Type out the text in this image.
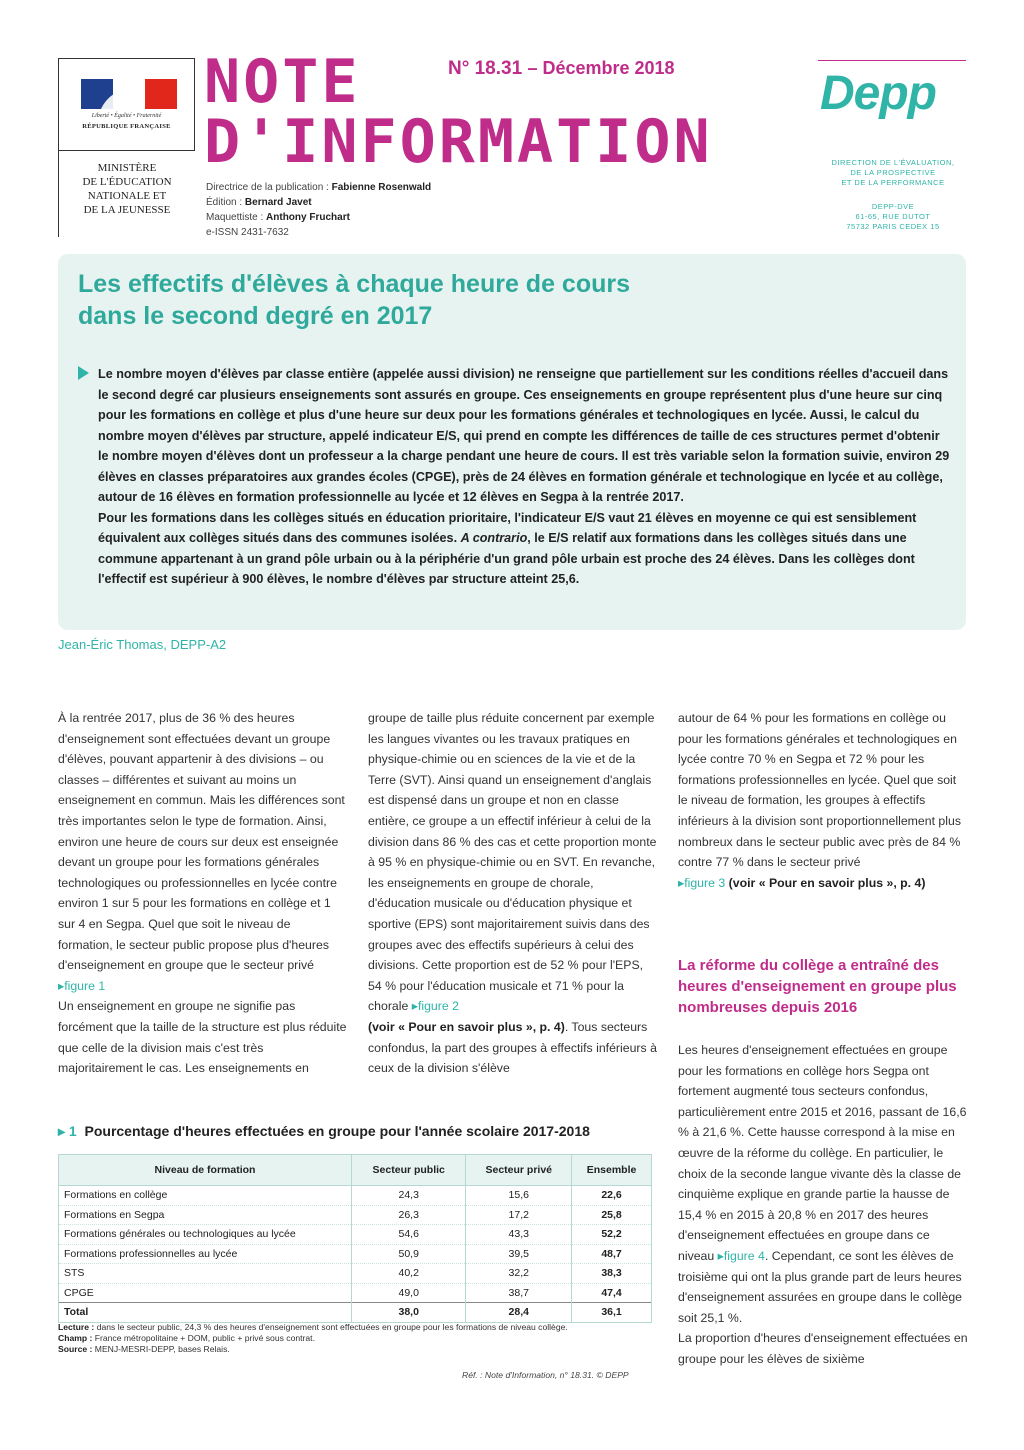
Liberté • Égalité • Fraternité
RÉPUBLIQUE FRANÇAISE
MINISTÈRE
DE L'ÉDUCATION
NATIONALE ET
DE LA JEUNESSE
NOTE
D'INFORMATION
N° 18.31 – Décembre 2018
Directrice de la publication : Fabienne Rosenwald
Édition : Bernard Javet
Maquettiste : Anthony Fruchart
e-ISSN 2431-7632
Depp
DIRECTION DE L'ÉVALUATION,
DE LA PROSPECTIVE
ET DE LA PERFORMANCE
DEPP-DVE
61-65, RUE DUTOT
75732 PARIS CEDEX 15
Les effectifs d'élèves à chaque heure de cours
dans le second degré en 2017
Le nombre moyen d'élèves par classe entière (appelée aussi division) ne renseigne que partiellement sur les conditions réelles d'accueil dans le second degré car plusieurs enseignements sont assurés en groupe. Ces enseignements en groupe représentent plus d'une heure sur cinq pour les formations en collège et plus d'une heure sur deux pour les formations générales et technologiques en lycée. Aussi, le calcul du nombre moyen d'élèves par structure, appelé indicateur E/S, qui prend en compte les différences de taille de ces structures permet d'obtenir le nombre moyen d'élèves dont un professeur a la charge pendant une heure de cours. Il est très variable selon la formation suivie, environ 29 élèves en classes préparatoires aux grandes écoles (CPGE), près de 24 élèves en formation générale et technologique en lycée et au collège, autour de 16 élèves en formation professionnelle au lycée et 12 élèves en Segpa à la rentrée 2017.
Pour les formations dans les collèges situés en éducation prioritaire, l'indicateur E/S vaut 21 élèves en moyenne ce qui est sensiblement équivalent aux collèges situés dans des communes isolées. A contrario, le E/S relatif aux formations dans les collèges situés dans une commune appartenant à un grand pôle urbain ou à la périphérie d'un grand pôle urbain est proche des 24 élèves. Dans les collèges dont l'effectif est supérieur à 900 élèves, le nombre d'élèves par structure atteint 25,6.
Jean-Éric Thomas, DEPP-A2
À la rentrée 2017, plus de 36 % des heures d'enseignement sont effectuées devant un groupe d'élèves, pouvant appartenir à des divisions – ou classes – différentes et suivant au moins un enseignement en commun. Mais les différences sont très importantes selon le type de formation. Ainsi, environ une heure de cours sur deux est enseignée devant un groupe pour les formations générales technologiques ou professionnelles en lycée contre environ 1 sur 5 pour les formations en collège et 1 sur 4 en Segpa. Quel que soit le niveau de formation, le secteur public propose plus d'heures d'enseignement en groupe que le secteur privé
▸ figure 1
Un enseignement en groupe ne signifie pas forcément que la taille de la structure est plus réduite que celle de la division mais c'est très majoritairement le cas. Les enseignements en
groupe de taille plus réduite concernent par exemple les langues vivantes ou les travaux pratiques en physique-chimie ou en sciences de la vie et de la Terre (SVT). Ainsi quand un enseignement d'anglais est dispensé dans un groupe et non en classe entière, ce groupe a un effectif inférieur à celui de la division dans 86 % des cas et cette proportion monte à 95 % en physique-chimie ou en SVT. En revanche, les enseignements en groupe de chorale, d'éducation musicale ou d'éducation physique et sportive (EPS) sont majoritairement suivis dans des groupes avec des effectifs supérieurs à celui des divisions. Cette proportion est de 52 % pour l'EPS, 54 % pour l'éducation musicale et 71 % pour la chorale ▸ figure 2
(voir « Pour en savoir plus », p. 4). Tous secteurs confondus, la part des groupes à effectifs inférieurs à ceux de la division s'élève
autour de 64 % pour les formations en collège ou pour les formations générales et technologiques en lycée contre 70 % en Segpa et 72 % pour les formations professionnelles en lycée. Quel que soit le niveau de formation, les groupes à effectifs inférieurs à la division sont proportionnellement plus nombreux dans le secteur public avec près de 84 % contre 77 % dans le secteur privé
▸ figure 3 (voir « Pour en savoir plus », p. 4)
La réforme du collège a entraîné des heures d'enseignement en groupe plus nombreuses depuis 2016
Les heures d'enseignement effectuées en groupe pour les formations en collège hors Segpa ont fortement augmenté tous secteurs confondus, particulièrement entre 2015 et 2016, passant de 16,6 % à 21,6 %. Cette hausse correspond à la mise en œuvre de la réforme du collège. En particulier, le choix de la seconde langue vivante dès la classe de cinquième explique en grande partie la hausse de 15,4 % en 2015 à 20,8 % en 2017 des heures d'enseignement effectuées en groupe dans ce niveau ▸ figure 4. Cependant, ce sont les élèves de troisième qui ont la plus grande part de leurs heures d'enseignement assurées en groupe dans le collège soit 25,1 %.
La proportion d'heures d'enseignement effectuées en groupe pour les élèves de sixième
▸ 1 Pourcentage d'heures effectuées en groupe pour l'année scolaire 2017-2018
Niveau de formation	Secteur public	Secteur privé	Ensemble
Formations en collège	24,3	15,6	22,6
Formations en Segpa	26,3	17,2	25,8
Formations générales ou technologiques au lycée	54,6	43,3	52,2
Formations professionnelles au lycée	50,9	39,5	48,7
STS	40,2	32,2	38,3
CPGE	49,0	38,7	47,4
Total	38,0	28,4	36,1
Lecture : dans le secteur public, 24,3 % des heures d'enseignement sont effectuées en groupe pour les formations de niveau collège.
Champ : France métropolitaine + DOM, public + privé sous contrat.
Source : MENJ-MESRI-DEPP, bases Relais.
Réf. : Note d'Information, n° 18.31. © DEPP
